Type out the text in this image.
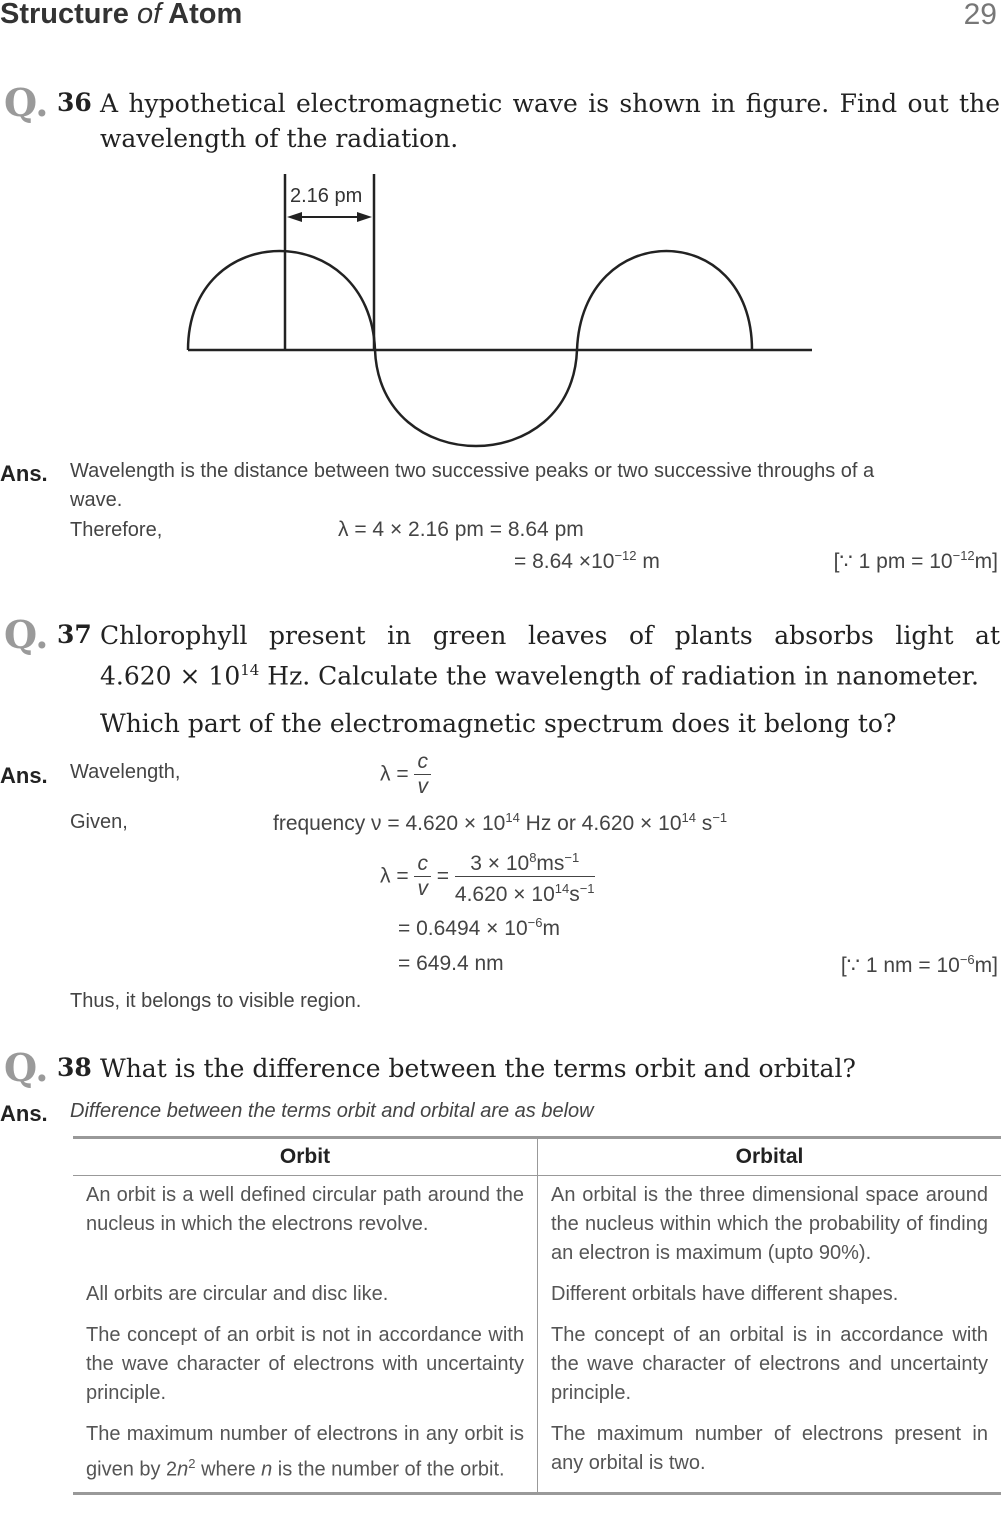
Structure of Atom	29
Q. 36 A hypothetical electromagnetic wave is shown in figure. Find out the
wavelength of the radiation.
2.16 pm
Ans. Wavelength is the distance between two successive peaks or two successive throughs of a
wave.
Therefore,	λ = 4 × 2.16 pm = 8.64 pm
= $8.64 \times 10^{-12}$ m	[∵ 1 pm = $10^{-12}m$]
Q. 37 Chlorophyll present in green leaves of plants absorbs light at
$4.620 \times 10^{14}$ Hz. Calculate the wavelength of radiation in nanometer.
Which part of the electromagnetic spectrum does it belong to?
Ans. Wavelength,	$\lambda = \frac{c}{v}$
Given,	frequency $\nu = 4.620 \times 10^{14}$ Hz or $4.620 \times 10^{14}$ $s^{-1}$
$\lambda = \frac{c}{v} = \frac{3 \times 10^8ms^{-1}}{4.620 \times 10^{14}s^{-1}}$
= $0.6494 \times 10^{-6}m$
= 649.4 nm	[∵ 1 nm = $10^{-6}m$]
Thus, it belongs to visible region.
Q. 38 What is the difference between the terms orbit and orbital?
Ans. Difference between the terms orbit and orbital are as below
Orbit	Orbital
An orbit is a well defined circular path around the nucleus in which the electrons revolve.	An orbital is the three dimensional space around the nucleus within which the probability of finding an electron is maximum (upto 90%).
All orbits are circular and disc like.	Different orbitals have different shapes.
The concept of an orbit is not in accordance with the wave character of electrons with uncertainty principle.	The concept of an orbital is in accordance with the wave character of electrons and uncertainty principle.
The maximum number of electrons in any orbit is given by $2n^2$ where n is the number of the orbit.	The maximum number of electrons present in any orbital is two.
